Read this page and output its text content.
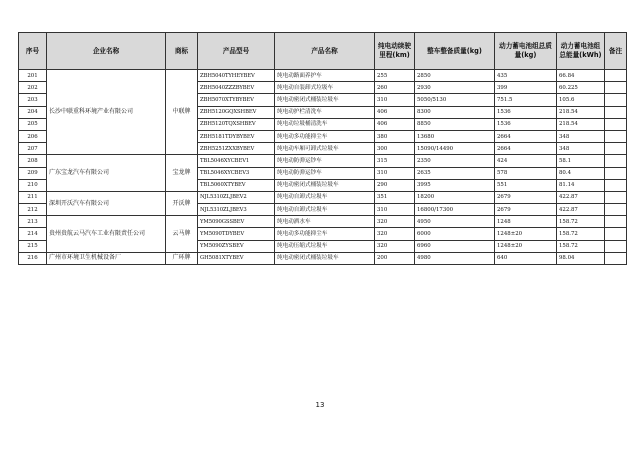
序号	企业名称	商标	产品型号	产品名称	纯电动续驶里程(km)	整车整备质量(kg)	动力蓄电池组总质量(kg)	动力蓄电池组总能量(kWh)	备注
201	长沙中联重科环境产业有限公司	中联牌	ZBH5040TYHEYBEV	纯电动路面养护车	255	2850	435	66.84	
202			ZBH5040ZZZBYBEV	纯电动自装卸式垃圾车	260	2930	399	60.225	
203			ZBH5070XTYBYBEV	纯电动密闭式桶装垃圾车	310	5050/5130	751.5	105.6	
204			ZBH5120GQXSHBEV	纯电动护栏清洗车	406	8300	1536	218.54	
205			ZBH5120TQXSHBEV	纯电动垃圾桶清洗车	406	8850	1536	218.54	
206			ZBH5181TDYBYBEV	纯电动多功能抑尘车	380	13680	2664	348	
207			ZBH5251ZXXBYBEV	纯电动车厢可卸式垃圾车	300	15090/14490	2664	348	
208	广东宝龙汽车有限公司	宝龙牌	TBL5046XYCBEV1	纯电动防弹运钞车	315	2350	424	58.1	
209			TBL5046XYCBEV3	纯电动防弹运钞车	310	2635	578	80.4	
210			TBL5060XTYBEV	纯电动密闭式桶装垃圾车	290	3995	551	81.14	
211	深圳开沃汽车有限公司	开沃牌	NJL5310ZLJBEV2	纯电动自卸式垃圾车	351	18200	2679	422.87	
212			NJL5310ZLJBEV3	纯电动自卸式垃圾车	310	16800/17300	2679	422.87	
213	贵州贵航云马汽车工业有限责任公司	云马牌	YM5090GSSBEV	纯电动洒水车	320	4950	1248	158.72	
214			YM5090TDYBEV	纯电动多功能抑尘车	320	6000	1248±20	158.72	
215			YM5090ZYSBEV	纯电动压缩式垃圾车	320	6960	1248±20	158.72	
216	广州市环境卫生机械设备厂	广环牌	GH5081XTYBEV	纯电动密闭式桶装垃圾车	200	4980	640	98.04	
13
